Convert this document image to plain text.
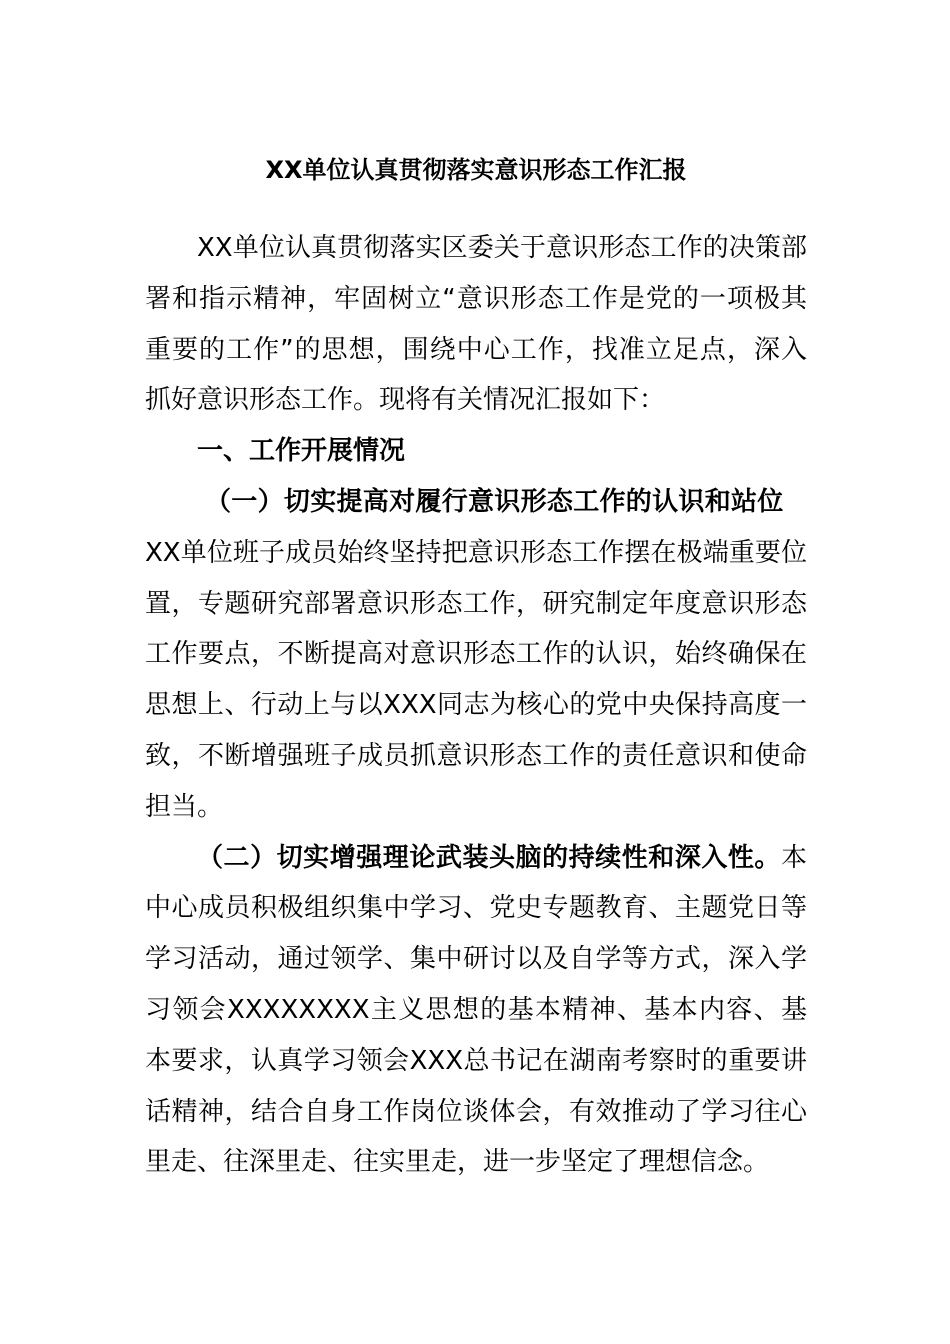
XX单位认真贯彻落实意识形态工作汇报

XX单位认真贯彻落实区委关于意识形态工作的决策部署和指示精神，牢固树立“意识形态工作是党的一项极其重要的工作”的思想，围绕中心工作，找准立足点，深入抓好意识形态工作。现将有关情况汇报如下：

一、工作开展情况

（一）切实提高对履行意识形态工作的认识和站位

XX单位班子成员始终坚持把意识形态工作摆在极端重要位置，专题研究部署意识形态工作，研究制定年度意识形态工作要点，不断提高对意识形态工作的认识，始终确保在思想上、行动上与以XXX同志为核心的党中央保持高度一致，不断增强班子成员抓意识形态工作的责任意识和使命担当。

（二）切实增强理论武装头脑的持续性和深入性。本中心成员积极组织集中学习、党史专题教育、主题党日等学习活动，通过领学、集中研讨以及自学等方式，深入学习领会XXXXXXXX主义思想的基本精神、基本内容、基本要求，认真学习领会XXX总书记在湖南考察时的重要讲话精神，结合自身工作岗位谈体会，有效推动了学习往心里走、往深里走、往实里走，进一步坚定了理想信念。
